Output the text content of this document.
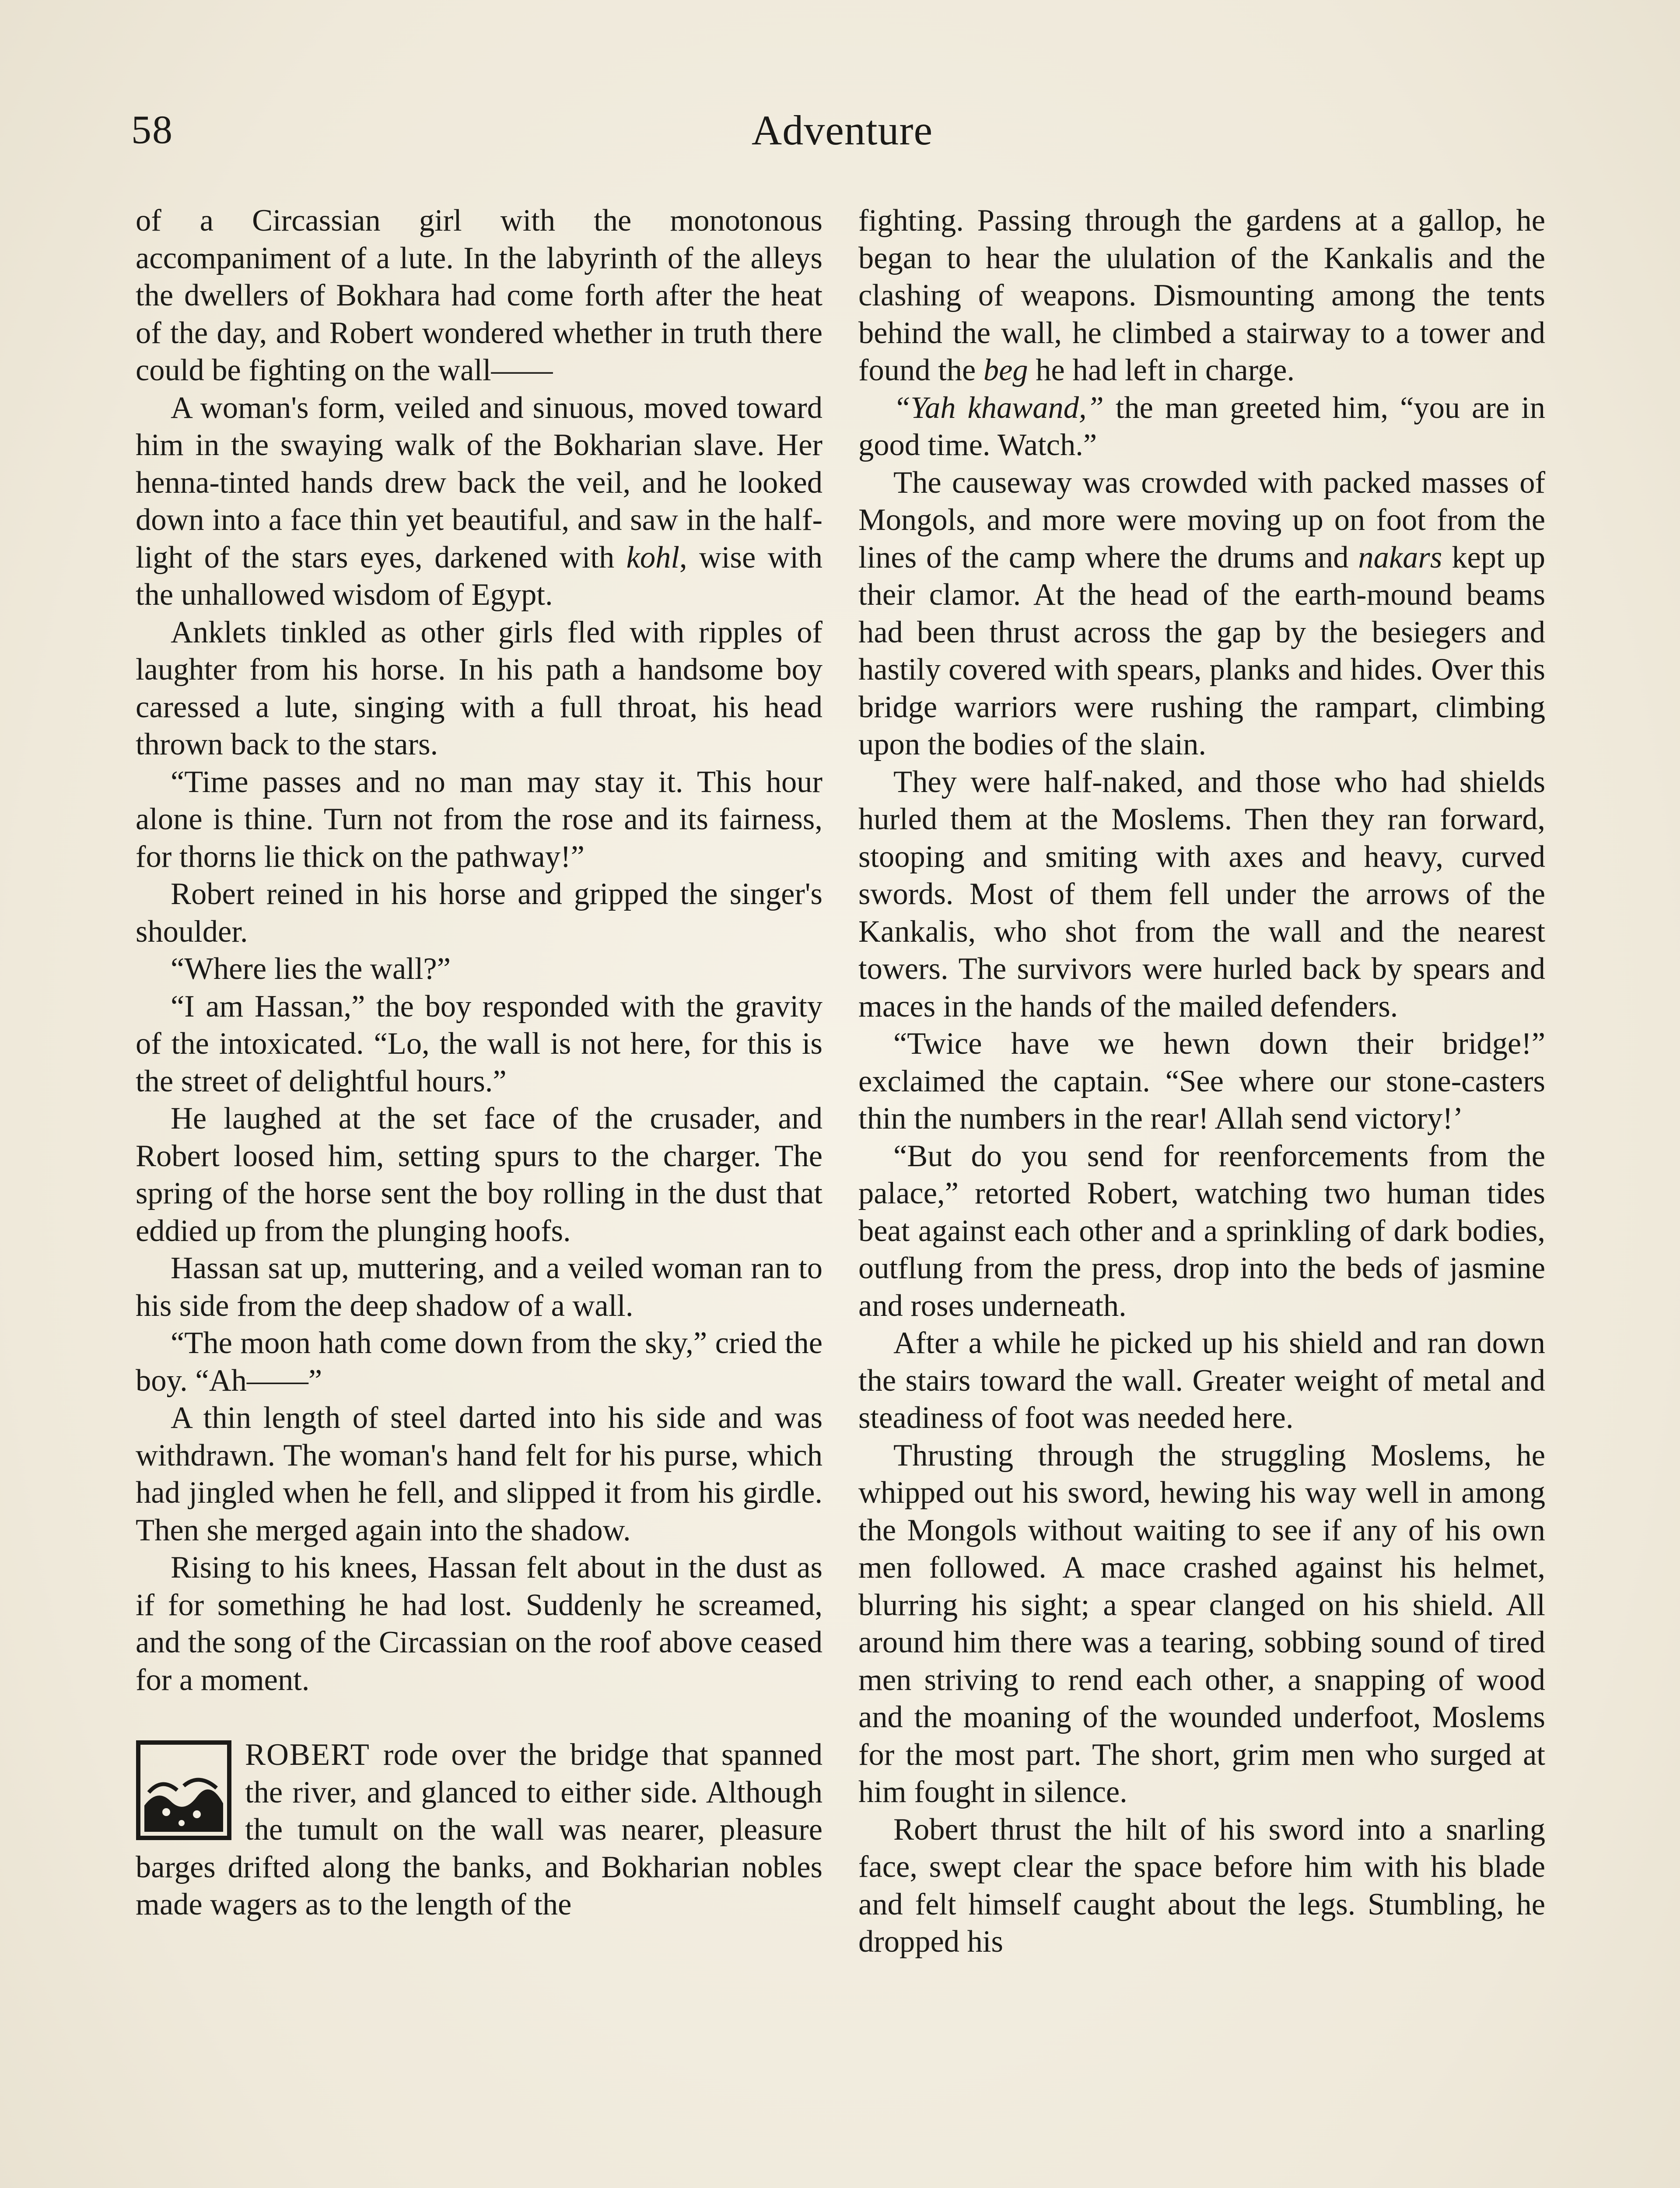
58	Adventure

of a Circassian girl with the monotonous accompaniment of a lute. In the labyrinth of the alleys the dwellers of Bokhara had come forth after the heat of the day, and Robert wondered whether in truth there could be fighting on the wall——

A woman's form, veiled and sinuous, moved toward him in the swaying walk of the Bokharian slave. Her henna-tinted hands drew back the veil, and he looked down into a face thin yet beautiful, and saw in the half-light of the stars eyes, darkened with kohl, wise with the unhallowed wisdom of Egypt.

Anklets tinkled as other girls fled with ripples of laughter from his horse. In his path a handsome boy caressed a lute, singing with a full throat, his head thrown back to the stars.

“Time passes and no man may stay it. This hour alone is thine. Turn not from the rose and its fairness, for thorns lie thick on the pathway!”

Robert reined in his horse and gripped the singer's shoulder.

“Where lies the wall?”

“I am Hassan,” the boy responded with the gravity of the intoxicated. “Lo, the wall is not here, for this is the street of delightful hours.”

He laughed at the set face of the crusader, and Robert loosed him, setting spurs to the charger. The spring of the horse sent the boy rolling in the dust that eddied up from the plunging hoofs.

Hassan sat up, muttering, and a veiled woman ran to his side from the deep shadow of a wall.

“The moon hath come down from the sky,” cried the boy. “Ah——”

A thin length of steel darted into his side and was withdrawn. The woman's hand felt for his purse, which had jingled when he fell, and slipped it from his girdle. Then she merged again into the shadow.

Rising to his knees, Hassan felt about in the dust as if for something he had lost. Suddenly he screamed, and the song of the Circassian on the roof above ceased for a moment.

ROBERT rode over the bridge that spanned the river, and glanced to either side. Although the tumult on the wall was nearer, pleasure barges drifted along the banks, and Bokharian nobles made wagers as to the length of the

fighting. Passing through the gardens at a gallop, he began to hear the ululation of the Kankalis and the clashing of weapons. Dismounting among the tents behind the wall, he climbed a stairway to a tower and found the beg he had left in charge.

“Yah khawand,” the man greeted him, “you are in good time. Watch.”

The causeway was crowded with packed masses of Mongols, and more were moving up on foot from the lines of the camp where the drums and nakars kept up their clamor. At the head of the earth-mound beams had been thrust across the gap by the besiegers and hastily covered with spears, planks and hides. Over this bridge warriors were rushing the rampart, climbing upon the bodies of the slain.

They were half-naked, and those who had shields hurled them at the Moslems. Then they ran forward, stooping and smiting with axes and heavy, curved swords. Most of them fell under the arrows of the Kankalis, who shot from the wall and the nearest towers. The survivors were hurled back by spears and maces in the hands of the mailed defenders.

“Twice have we hewn down their bridge!” exclaimed the captain. “See where our stone-casters thin the numbers in the rear! Allah send victory!’

“But do you send for reenforcements from the palace,” retorted Robert, watching two human tides beat against each other and a sprinkling of dark bodies, outflung from the press, drop into the beds of jasmine and roses underneath.

After a while he picked up his shield and ran down the stairs toward the wall. Greater weight of metal and steadiness of foot was needed here.

Thrusting through the struggling Moslems, he whipped out his sword, hewing his way well in among the Mongols without waiting to see if any of his own men followed. A mace crashed against his helmet, blurring his sight; a spear clanged on his shield. All around him there was a tearing, sobbing sound of tired men striving to rend each other, a snapping of wood and the moaning of the wounded underfoot, Moslems for the most part. The short, grim men who surged at him fought in silence.

Robert thrust the hilt of his sword into a snarling face, swept clear the space before him with his blade and felt himself caught about the legs. Stumbling, he dropped his
